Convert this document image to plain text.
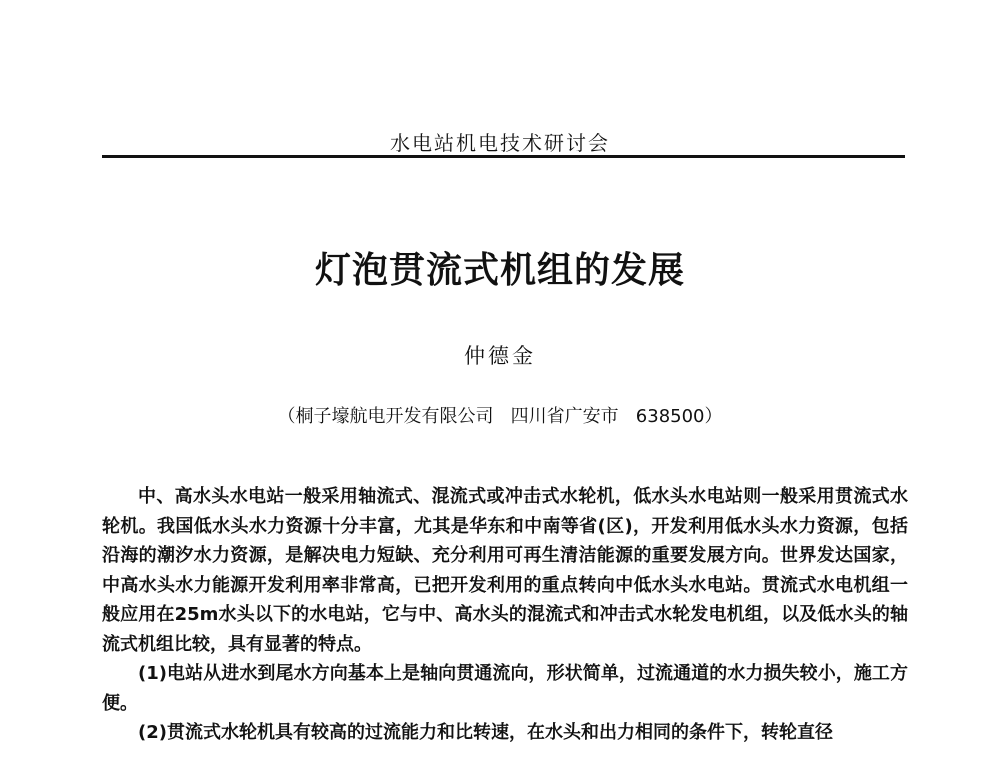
水电站机电技术研讨会
灯泡贯流式机组的发展
仲德金
（桐子壕航电开发有限公司   四川省广安市   638500）

中、高水头水电站一般采用轴流式、混流式或冲击式水轮机，低水头水电站则一般采用贯流式水轮机。我国低水头水力资源十分丰富，尤其是华东和中南等省(区)，开发利用低水头水力资源，包括沿海的潮汐水力资源，是解决电力短缺、充分利用可再生清洁能源的重要发展方向。世界发达国家，中高水头水力能源开发利用率非常高，已把开发利用的重点转向中低水头水电站。贯流式水电机组一般应用在25m水头以下的水电站，它与中、高水头的混流式和冲击式水轮发电机组，以及低水头的轴流式机组比较，具有显著的特点。

(1)电站从进水到尾水方向基本上是轴向贯通流向，形状简单，过流通道的水力损失较小，施工方便。

(2)贯流式水轮机具有较高的过流能力和比转速，在水头和出力相同的条件下，转轮直径
